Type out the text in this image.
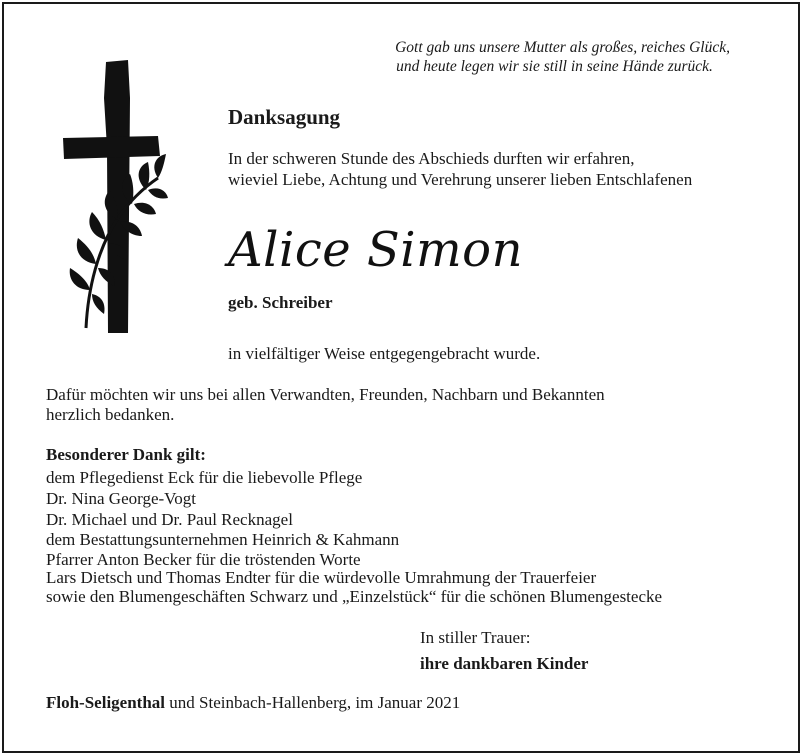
Gott gab uns unsere Mutter als großes, reiches Glück,
und heute legen wir sie still in seine Hände zurück.
Danksagung
In der schweren Stunde des Abschieds durften wir erfahren,
wieviel Liebe, Achtung und Verehrung unserer lieben Entschlafenen
Alice Simon
geb. Schreiber
in vielfältiger Weise entgegengebracht wurde.
Dafür möchten wir uns bei allen Verwandten, Freunden, Nachbarn und Bekannten
herzlich bedanken.
Besonderer Dank gilt:
dem Pflegedienst Eck für die liebevolle Pflege
Dr. Nina George-Vogt
Dr. Michael und Dr. Paul Recknagel
dem Bestattungsunternehmen Heinrich & Kahmann
Pfarrer Anton Becker für die tröstenden Worte
Lars Dietsch und Thomas Endter für die würdevolle Umrahmung der Trauerfeier
sowie den Blumengeschäften Schwarz und „Einzelstück“ für die schönen Blumengestecke
In stiller Trauer:
ihre dankbaren Kinder
Floh-Seligenthal und Steinbach-Hallenberg, im Januar 2021
